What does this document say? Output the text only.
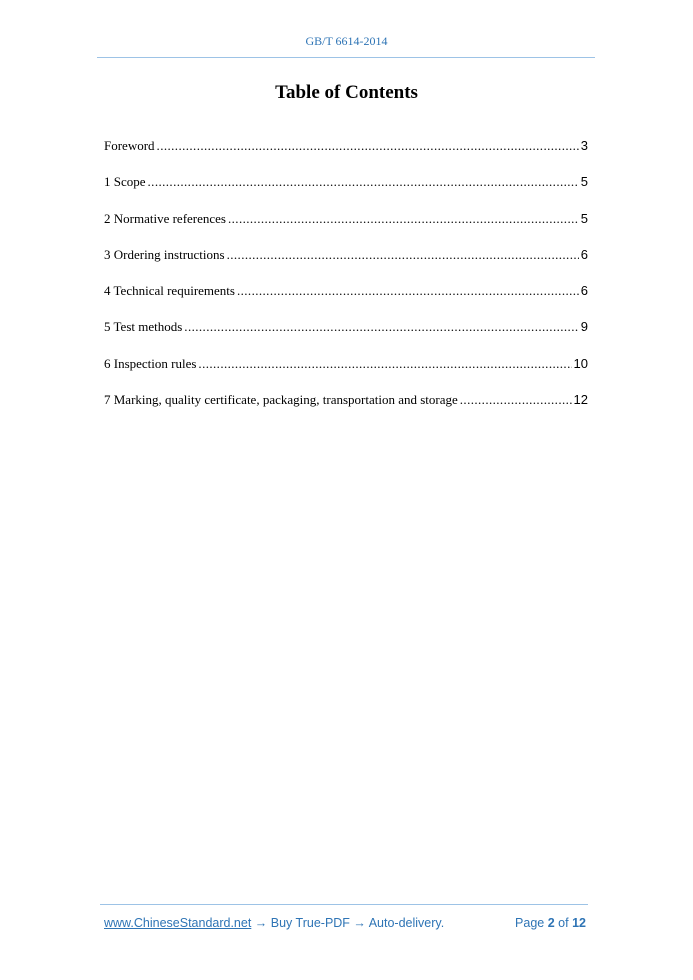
GB/T 6614-2014
Table of Contents
Foreword .....	3
1 Scope .....	5
2 Normative references .....	5
3 Ordering instructions .....	6
4 Technical requirements .....	6
5 Test methods .....	9
6 Inspection rules .....	10
7 Marking, quality certificate, packaging, transportation and storage .....	12
www.ChineseStandard.net → Buy True-PDF → Auto-delivery.	Page 2 of 12
